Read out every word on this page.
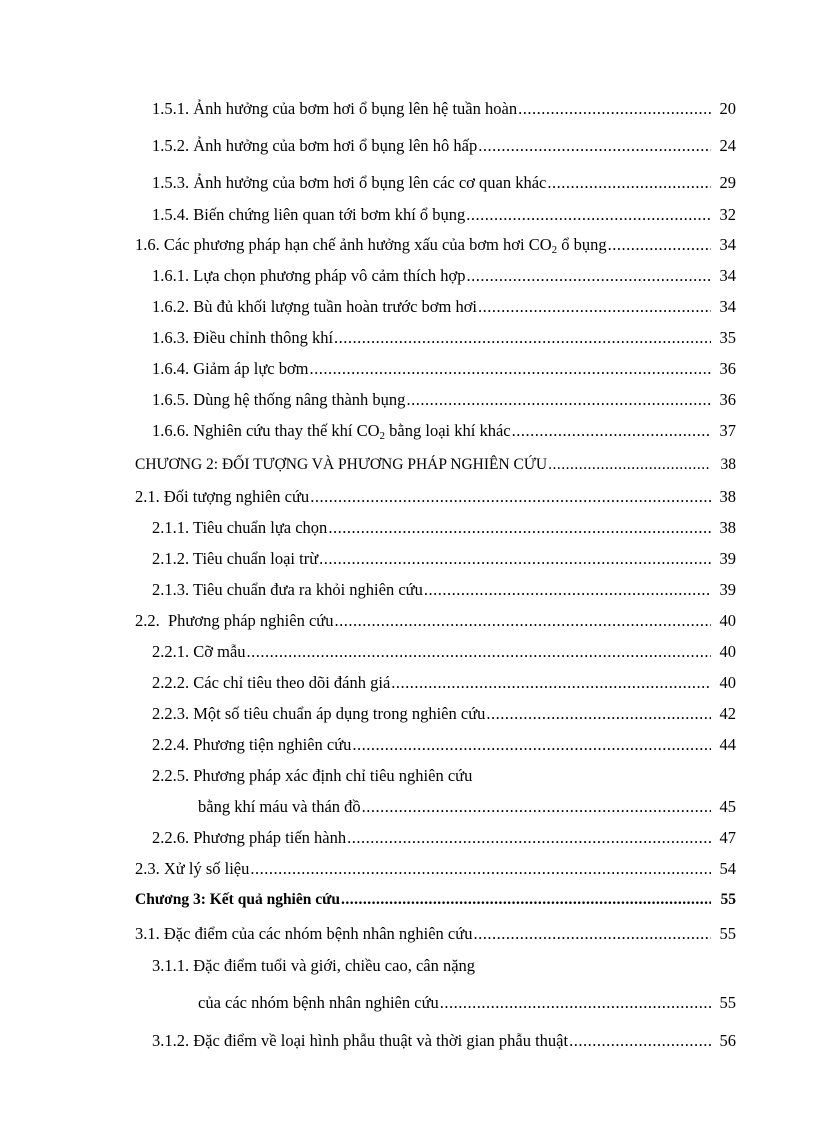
1.5.1. Ảnh hưởng của bơm hơi ổ bụng lên hệ tuần hoàn .....	20
1.5.2. Ảnh hưởng của bơm hơi ổ bụng lên hô hấp .....	24
1.5.3. Ảnh hưởng của bơm hơi ổ bụng lên các cơ quan khác .....	29
1.5.4. Biến chứng liên quan tới bơm khí ổ bụng .....	32
1.6. Các phương pháp hạn chế ảnh hưởng xấu của bơm hơi $CO_2$ ổ bụng .....	34
1.6.1. Lựa chọn phương pháp vô cảm thích hợp .....	34
1.6.2. Bù đủ khối lượng tuần hoàn trước bơm hơi .....	34
1.6.3. Điều chỉnh thông khí .....	35
1.6.4. Giảm áp lực bơm .....	36
1.6.5. Dùng hệ thống nâng thành bụng .....	36
1.6.6. Nghiên cứu thay thế khí $CO_2$ bằng loại khí khác .....	37
CHƯƠNG 2: ĐỐI TƯỢNG VÀ PHƯƠNG PHÁP NGHIÊN CỨU .....	38
2.1. Đối tượng nghiên cứu .....	38
2.1.1. Tiêu chuẩn lựa chọn .....	38
2.1.2. Tiêu chuẩn loại trừ .....	39
2.1.3. Tiêu chuẩn đưa ra khỏi nghiên cứu .....	39
2.2. Phương pháp nghiên cứu .....	40
2.2.1. Cỡ mẫu .....	40
2.2.2. Các chỉ tiêu theo dõi đánh giá .....	40
2.2.3. Một số tiêu chuẩn áp dụng trong nghiên cứu .....	42
2.2.4. Phương tiện nghiên cứu .....	44
2.2.5. Phương pháp xác định chỉ tiêu nghiên cứu
bằng khí máu và thán đồ .....	45
2.2.6. Phương pháp tiến hành .....	47
2.3. Xử lý số liệu .....	54
Chương 3: Kết quả nghiên cứu .....	55
3.1. Đặc điểm của các nhóm bệnh nhân nghiên cứu .....	55
3.1.1. Đặc điểm tuổi và giới, chiều cao, cân nặng
của các nhóm bệnh nhân nghiên cứu .....	55
3.1.2. Đặc điểm về loại hình phẫu thuật và thời gian phẫu thuật .....	56
